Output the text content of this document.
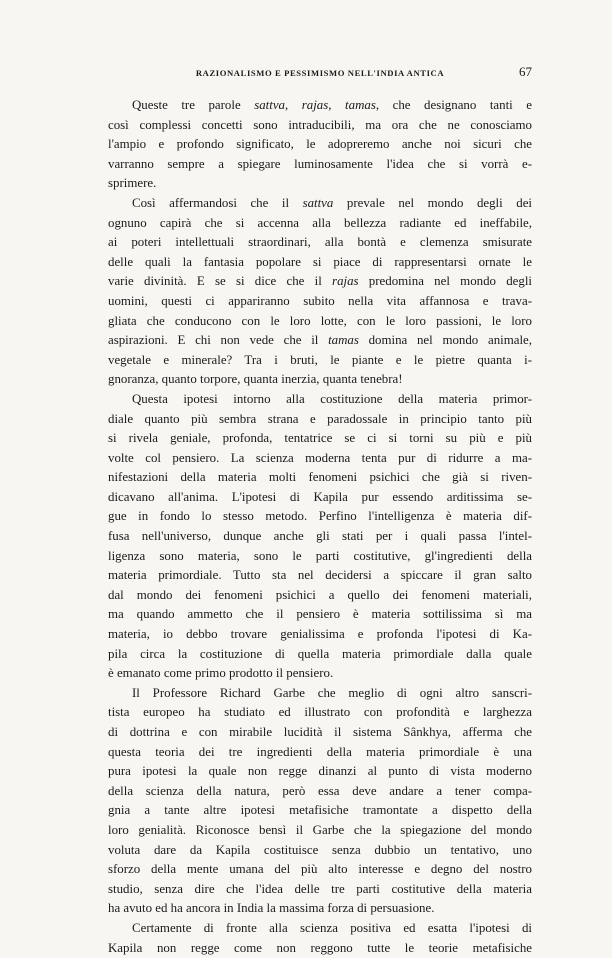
RAZIONALISMO E PESSIMISMO NELL'INDIA ANTICA	67
Queste tre parole sattva, rajas, tamas, che designano tanti e
così complessi concetti sono intraducibili, ma ora che ne conosciamo
l'ampio e profondo significato, le adopreremo anche noi sicuri che
varranno sempre a spiegare luminosamente l'idea che si vorrà e-
sprimere.
Così affermandosi che il sattva prevale nel mondo degli dei
ognuno capirà che si accenna alla bellezza radiante ed ineffabile,
ai poteri intellettuali straordinari, alla bontà e clemenza smisurate
delle quali la fantasia popolare si piace di rappresentarsi ornate le
varie divinità. E se si dice che il rajas predomina nel mondo degli
uomini, questi ci appariranno subito nella vita affannosa e trava-
gliata che conducono con le loro lotte, con le loro passioni, le loro
aspirazioni. E chi non vede che il tamas domina nel mondo animale,
vegetale e minerale? Tra i bruti, le piante e le pietre quanta i-
gnoranza, quanto torpore, quanta inerzia, quanta tenebra!
Questa ipotesi intorno alla costituzione della materia primor-
diale quanto più sembra strana e paradossale in principio tanto più
si rivela geniale, profonda, tentatrice se ci si torni su più e più
volte col pensiero. La scienza moderna tenta pur di ridurre a ma-
nifestazioni della materia molti fenomeni psichici che già si riven-
dicavano all'anima. L'ipotesi di Kapila pur essendo arditissima se-
gue in fondo lo stesso metodo. Perfino l'intelligenza è materia dif-
fusa nell'universo, dunque anche gli stati per i quali passa l'intel-
ligenza sono materia, sono le parti costitutive, gl'ingredienti della
materia primordiale. Tutto sta nel decidersi a spiccare il gran salto
dal mondo dei fenomeni psichici a quello dei fenomeni materiali,
ma quando ammetto che il pensiero è materia sottilissima sì ma
materia, io debbo trovare genialissima e profonda l'ipotesi di Ka-
pila circa la costituzione di quella materia primordiale dalla quale
è emanato come primo prodotto il pensiero.
Il Professore Richard Garbe che meglio di ogni altro sanscri-
tista europeo ha studiato ed illustrato con profondità e larghezza
di dottrina e con mirabile lucidità il sistema Sânkhya, afferma che
questa teoria dei tre ingredienti della materia primordiale è una
pura ipotesi la quale non regge dinanzi al punto di vista moderno
della scienza della natura, però essa deve andare a tener compa-
gnia a tante altre ipotesi metafisiche tramontate a dispetto della
loro genialità. Riconosce bensì il Garbe che la spiegazione del mondo
voluta dare da Kapila costituisce senza dubbio un tentativo, uno
sforzo della mente umana del più alto interesse e degno del nostro
studio, senza dire che l'idea delle tre parti costitutive della materia
ha avuto ed ha ancora in India la massima forza di persuasione.
Certamente di fronte alla scienza positiva ed esatta l'ipotesi di
Kapila non regge come non reggono tutte le teorie metafisiche
